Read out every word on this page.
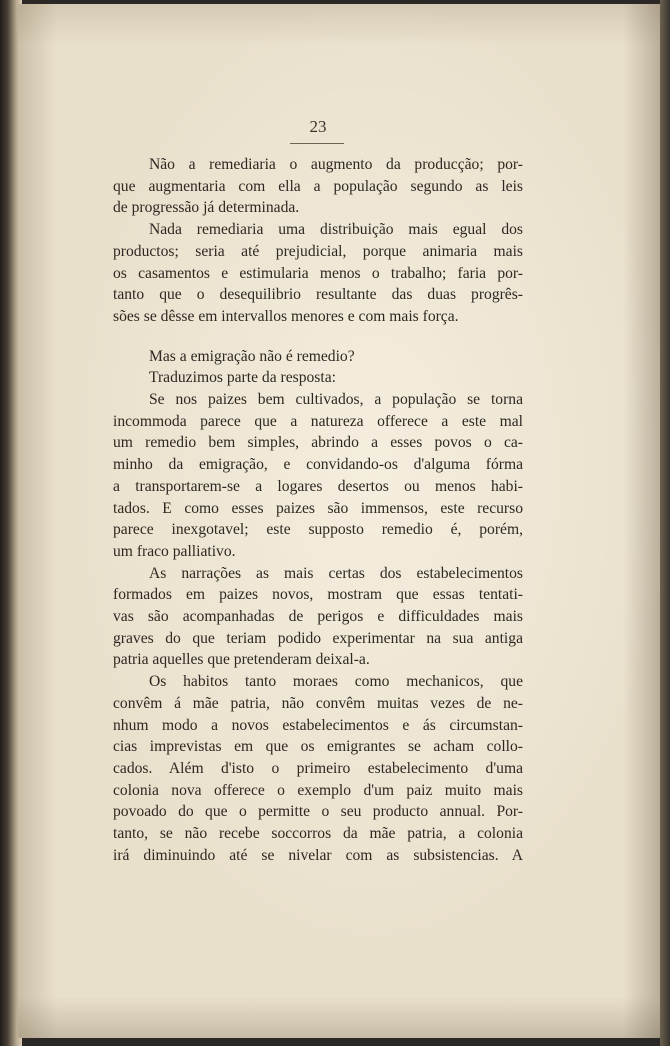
23

Não a remediaria o augmento da producção; por-

que augmentaria com ella a população segundo as leis

de progressão já determinada.

Nada remediaria uma distribuição mais egual dos

productos; seria até prejudicial, porque animaria mais

os casamentos e estimularia menos o trabalho; faria por-

tanto que o desequilibrio resultante das duas progrês-

sões se dêsse em intervallos menores e com mais força.

Mas a emigração não é remedio?

Traduzimos parte da resposta:

Se nos paizes bem cultivados, a população se torna

incommoda parece que a natureza offerece a este mal

um remedio bem simples, abrindo a esses povos o ca-

minho da emigração, e convidando-os d'alguma fórma

a transportarem-se a logares desertos ou menos habi-

tados. E como esses paizes são immensos, este recurso

parece inexgotavel; este supposto remedio é, porém,

um fraco palliativo.

As narrações as mais certas dos estabelecimentos

formados em paizes novos, mostram que essas tentati-

vas são acompanhadas de perigos e difficuldades mais

graves do que teriam podido experimentar na sua antiga

patria aquelles que pretenderam deixal-a.

Os habitos tanto moraes como mechanicos, que

convêm á mãe patria, não convêm muitas vezes de ne-

nhum modo a novos estabelecimentos e ás circumstan-

cias imprevistas em que os emigrantes se acham collo-

cados. Além d'isto o primeiro estabelecimento d'uma

colonia nova offerece o exemplo d'um paiz muito mais

povoado do que o permitte o seu producto annual. Por-

tanto, se não recebe soccorros da mãe patria, a colonia

irá diminuindo até se nivelar com as subsistencias. A
